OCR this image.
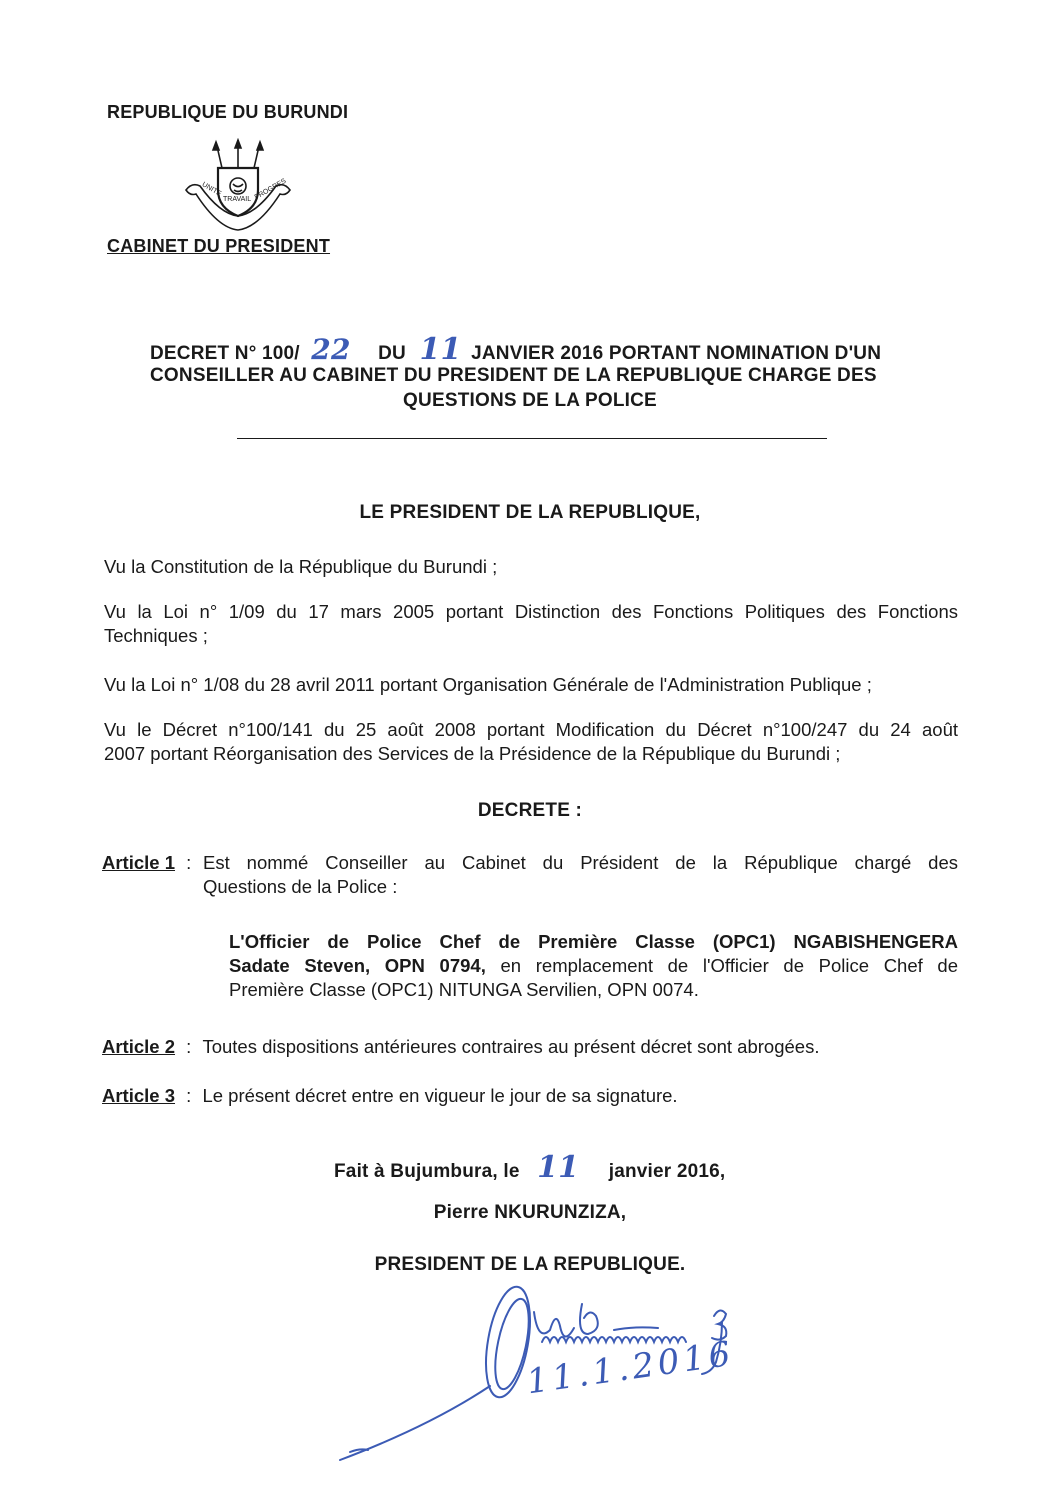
REPUBLIQUE DU BURUNDI
UNITE
TRAVAIL PROGRES
CABINET DU PRESIDENT
DECRET N° 100/ 22 DU 11 JANVIER 2016 PORTANT NOMINATION D'UN
CONSEILLER AU CABINET DU PRESIDENT DE LA REPUBLIQUE CHARGE DES
QUESTIONS DE LA POLICE
LE PRESIDENT DE LA REPUBLIQUE,
Vu la Constitution de la République du Burundi ;
Vu la Loi n° 1/09 du 17 mars 2005 portant Distinction des Fonctions Politiques des Fonctions
Techniques ;
Vu la Loi n° 1/08 du 28 avril 2011 portant Organisation Générale de l'Administration Publique ;
Vu le Décret n°100/141 du 25 août 2008 portant Modification du Décret n°100/247 du 24 août
2007 portant Réorganisation des Services de la Présidence de la République du Burundi ;
DECRETE :
Article 1 : Est nommé Conseiller au Cabinet du Président de la République chargé des
Questions de la Police :
L'Officier de Police Chef de Première Classe (OPC1) NGABISHENGERA
Sadate Steven, OPN 0794, en remplacement de l'Officier de Police Chef de
Première Classe (OPC1) NITUNGA Servilien, OPN 0074.
Article 2 : Toutes dispositions antérieures contraires au présent décret sont abrogées.
Article 3 : Le présent décret entre en vigueur le jour de sa signature.
Fait à Bujumbura, le 11 janvier 2016,
Pierre NKURUNZIZA,
PRESIDENT DE LA REPUBLIQUE.
11.1.2016
